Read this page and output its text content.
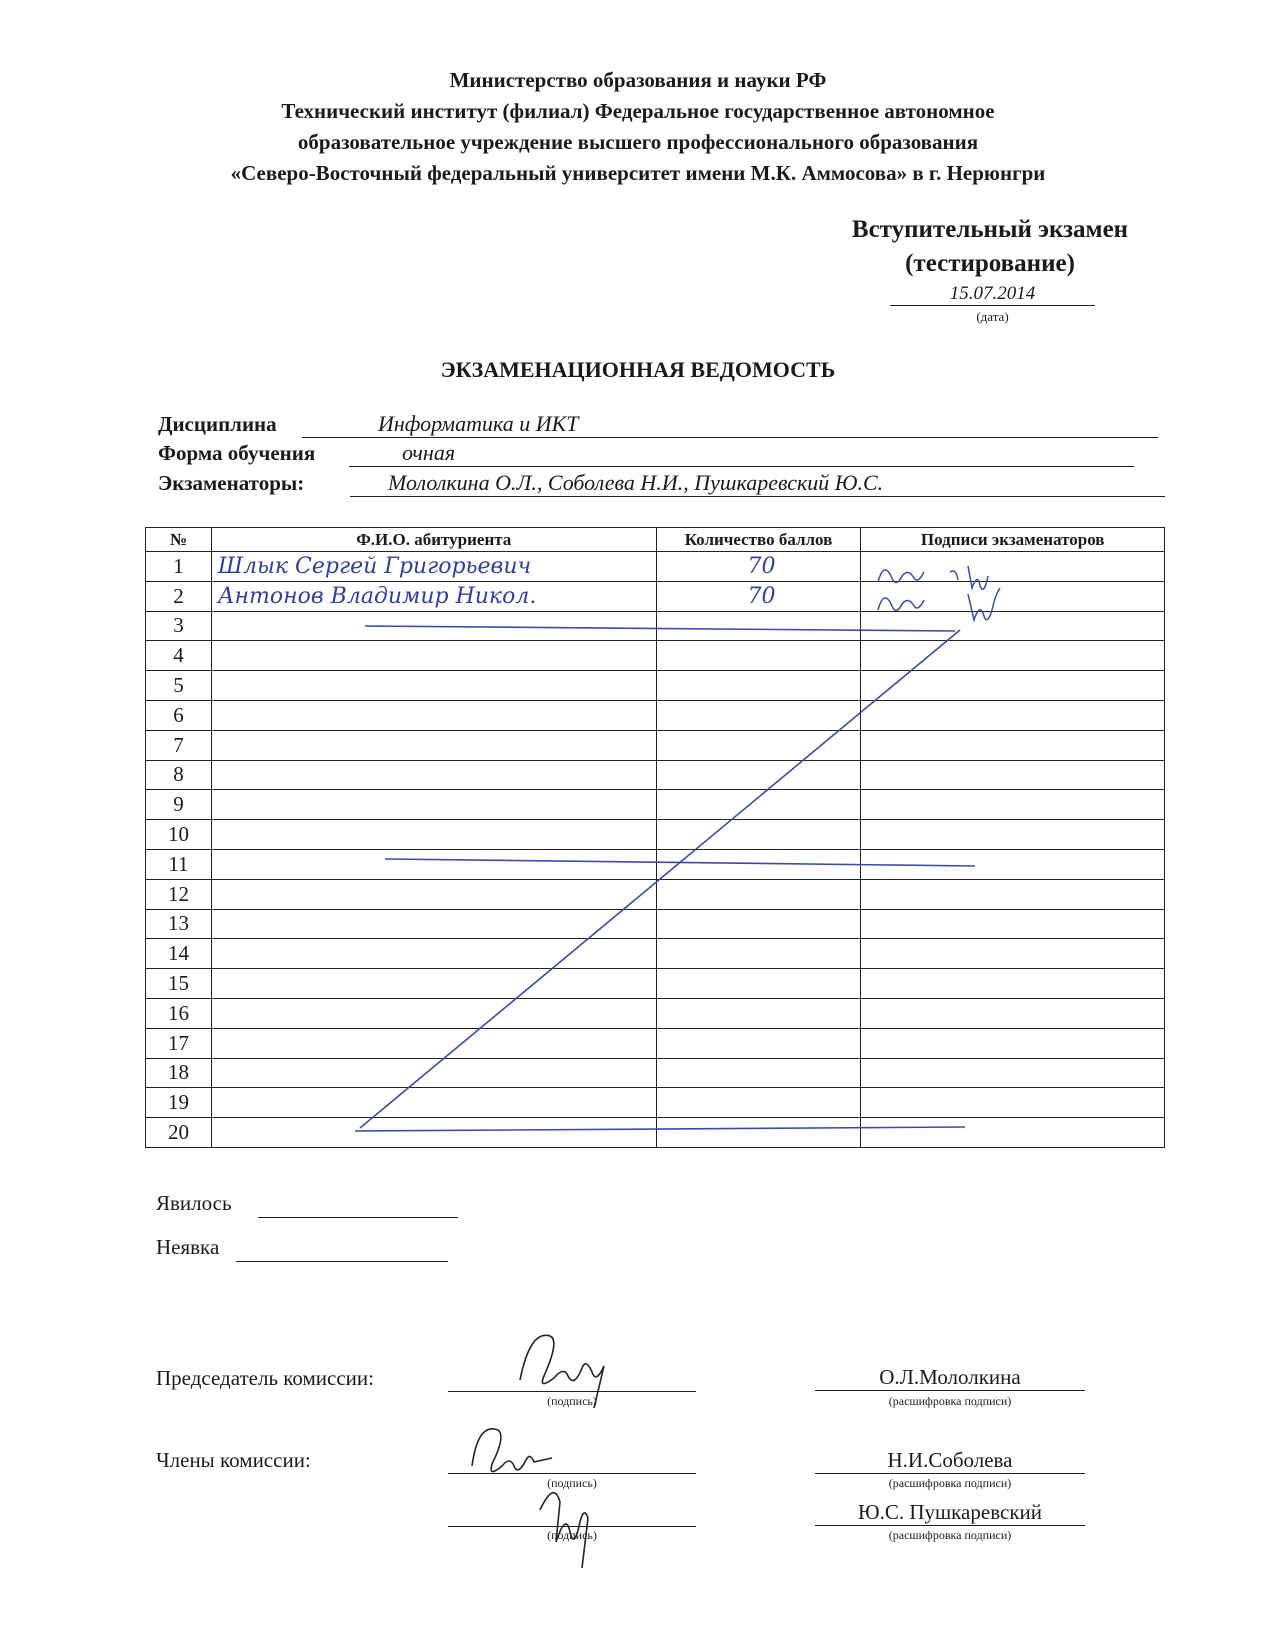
Министерство образования и науки РФ
Технический институт (филиал) Федеральное государственное автономное
образовательное учреждение высшего профессионального образования
«Северо-Восточный федеральный университет имени М.К. Аммосова» в г. Нерюнгри
Вступительный экзамен
(тестирование)
15.07.2014
(дата)
ЭКЗАМЕНАЦИОННАЯ ВЕДОМОСТЬ
Дисциплина	Информатика и ИКТ
Форма обучения	очная
Экзаменаторы:	Мололкина О.Л., Соболева Н.И., Пушкаревский Ю.С.
№	Ф.И.О. абитуриента	Количество баллов	Подписи экзаменаторов
1	Шлык Сергей Григорьевич	70	
2	Антонов Владимир Никол.	70	
3			
4			
5			
6			
7			
8			
9			
10			
11			
12			
13			
14			
15			
16			
17			
18			
19			
20			
Явилось
Неявка
Председатель комиссии:
(подпись)
О.Л.Мололкина
(расшифровка подписи)
Члены комиссии:
(подпись)
Н.И.Соболева
(расшифровка подписи)
(подпись)
Ю.С. Пушкаревский
(расшифровка подписи)
